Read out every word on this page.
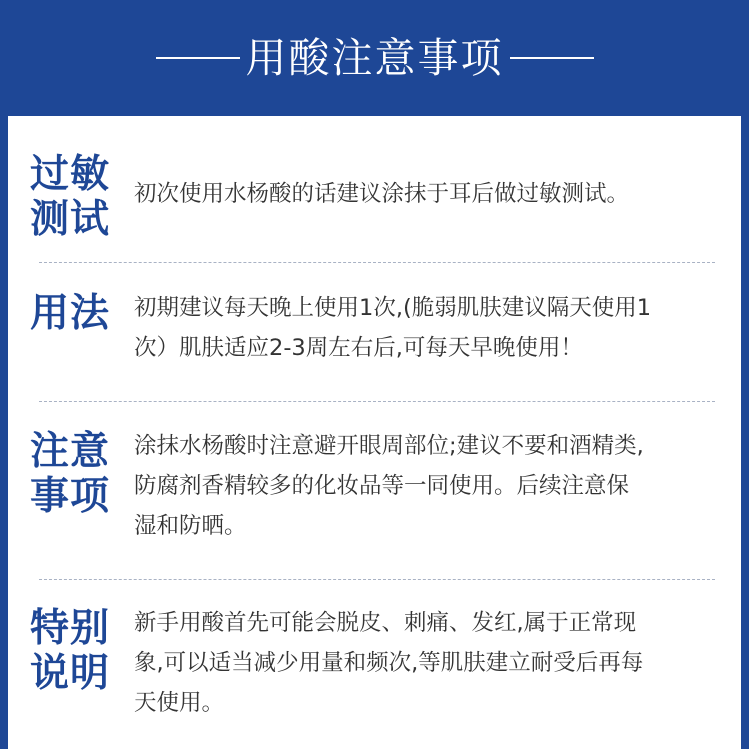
用酸注意事项
过敏
测试
初次使用水杨酸的话建议涂抹于耳后做过敏测试。
用法	初期建议每天晚上使用1次,(脆弱肌肤建议隔天使用1
次）肌肤适应2-3周左右后,可每天早晚使用！
注意
事项
涂抹水杨酸时注意避开眼周部位;建议不要和酒精类,
防腐剂香精较多的化妆品等一同使用。后续注意保
湿和防晒。
特别
说明
新手用酸首先可能会脱皮、刺痛、发红,属于正常现
象,可以适当减少用量和频次,等肌肤建立耐受后再每
天使用。
